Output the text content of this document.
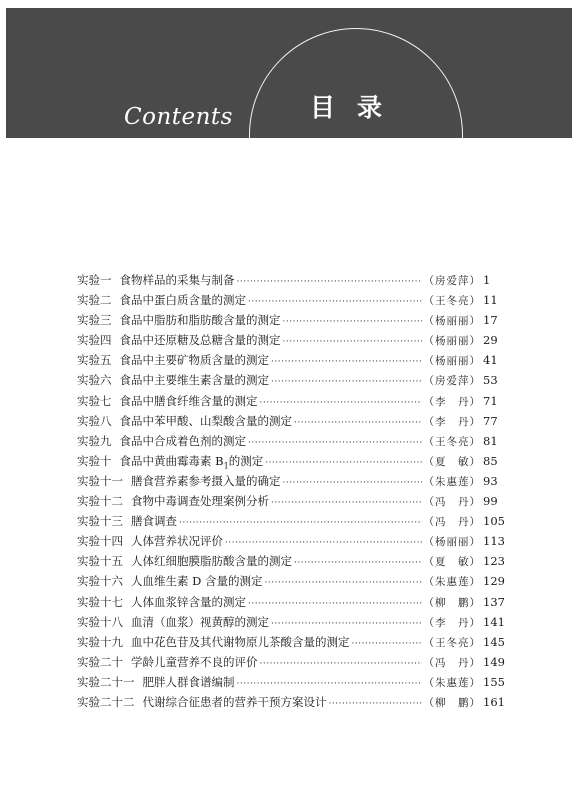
Contents	目录
实验一 食物样品的采集与制备 ·····	（房爱萍） 1
实验二 食品中蛋白质含量的测定 ·····	（王冬亮） 11
实验三 食品中脂肪和脂肪酸含量的测定 ·····	（杨丽丽） 17
实验四 食品中还原糖及总糖含量的测定 ·····	（杨丽丽） 29
实验五 食品中主要矿物质含量的测定 ·····	（杨丽丽） 41
实验六 食品中主要维生素含量的测定 ·····	（房爱萍） 53
实验七 食品中膳食纤维含量的测定 ·····	（李　丹） 71
实验八 食品中苯甲酸、山梨酸含量的测定 ·····	（李　丹） 77
实验九 食品中合成着色剂的测定 ·····	（王冬亮） 81
实验十 食品中黄曲霉毒素 $B_1$的测定 ·····	（夏　敏） 85
实验十一 膳食营养素参考摄入量的确定 ·····	（朱惠莲） 93
实验十二 食物中毒调查处理案例分析 ·····	（冯　丹） 99
实验十三 膳食调查 ·····	（冯　丹） 105
实验十四 人体营养状况评价 ·····	（杨丽丽） 113
实验十五 人体红细胞膜脂肪酸含量的测定 ·····	（夏　敏） 123
实验十六 人血维生素 D 含量的测定 ·····	（朱惠莲） 129
实验十七 人体血浆锌含量的测定 ·····	（柳　鹏） 137
实验十八 血清（血浆）视黄醇的测定 ·····	（李　丹） 141
实验十九 血中花色苷及其代谢物原儿茶酸含量的测定 ·····	（王冬亮） 145
实验二十 学龄儿童营养不良的评价 ·····	（冯　丹） 149
实验二十一 肥胖人群食谱编制 ·····	（朱惠莲） 155
实验二十二 代谢综合征患者的营养干预方案设计 ·····	（柳　鹏） 161
